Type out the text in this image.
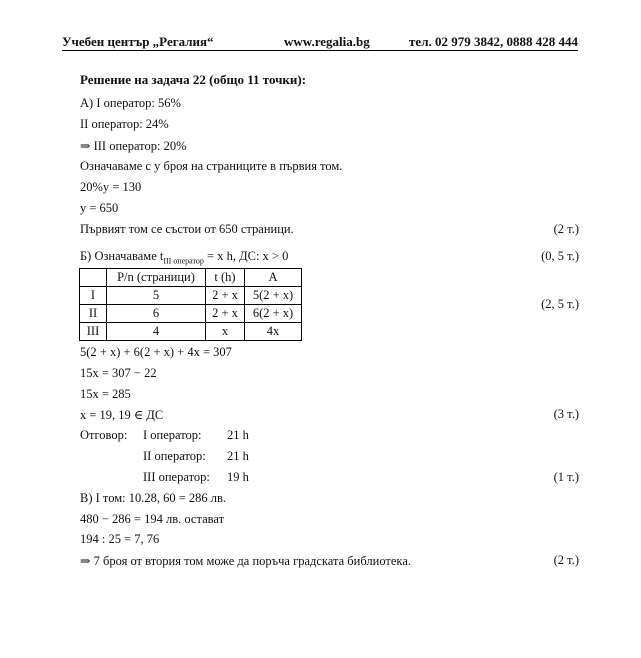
Учебен център „Регалия“	www.regalia.bg	тел. 02 979 3842, 0888 428 444
Решение на задача 22 (общо 11 точки):
А) I оператор: 56%
II оператор: 24%
⇒ III оператор: 20%
Означаваме с y броя на страниците в първия том.
20%y = 130
y = 650
Първият том се състои от 650 страници.	(2 т.)
Б) Означаваме $t_{III оператор} = x$ h, ДС: x > 0	(0, 5 т.)
	P/n (страници)	t (h)	A
I	5	2 + x	5(2 + x)
II	6	2 + x	6(2 + x)
III	4	x	4x
(2, 5 т.)
5(2 + x) + 6(2 + x) + 4x = 307
15x = 307 − 22
15x = 285
x = 19, 19 ∈ ДС	(3 т.)
Отговор: I оператор: 21 h
II оператор: 21 h
III оператор: 19 h	(1 т.)
В) I том: 10.28, 60 = 286 лв.
480 − 286 = 194 лв. остават
194 : 25 = 7, 76
⇒ 7 броя от втория том може да поръча градската библиотека.	(2 т.)
